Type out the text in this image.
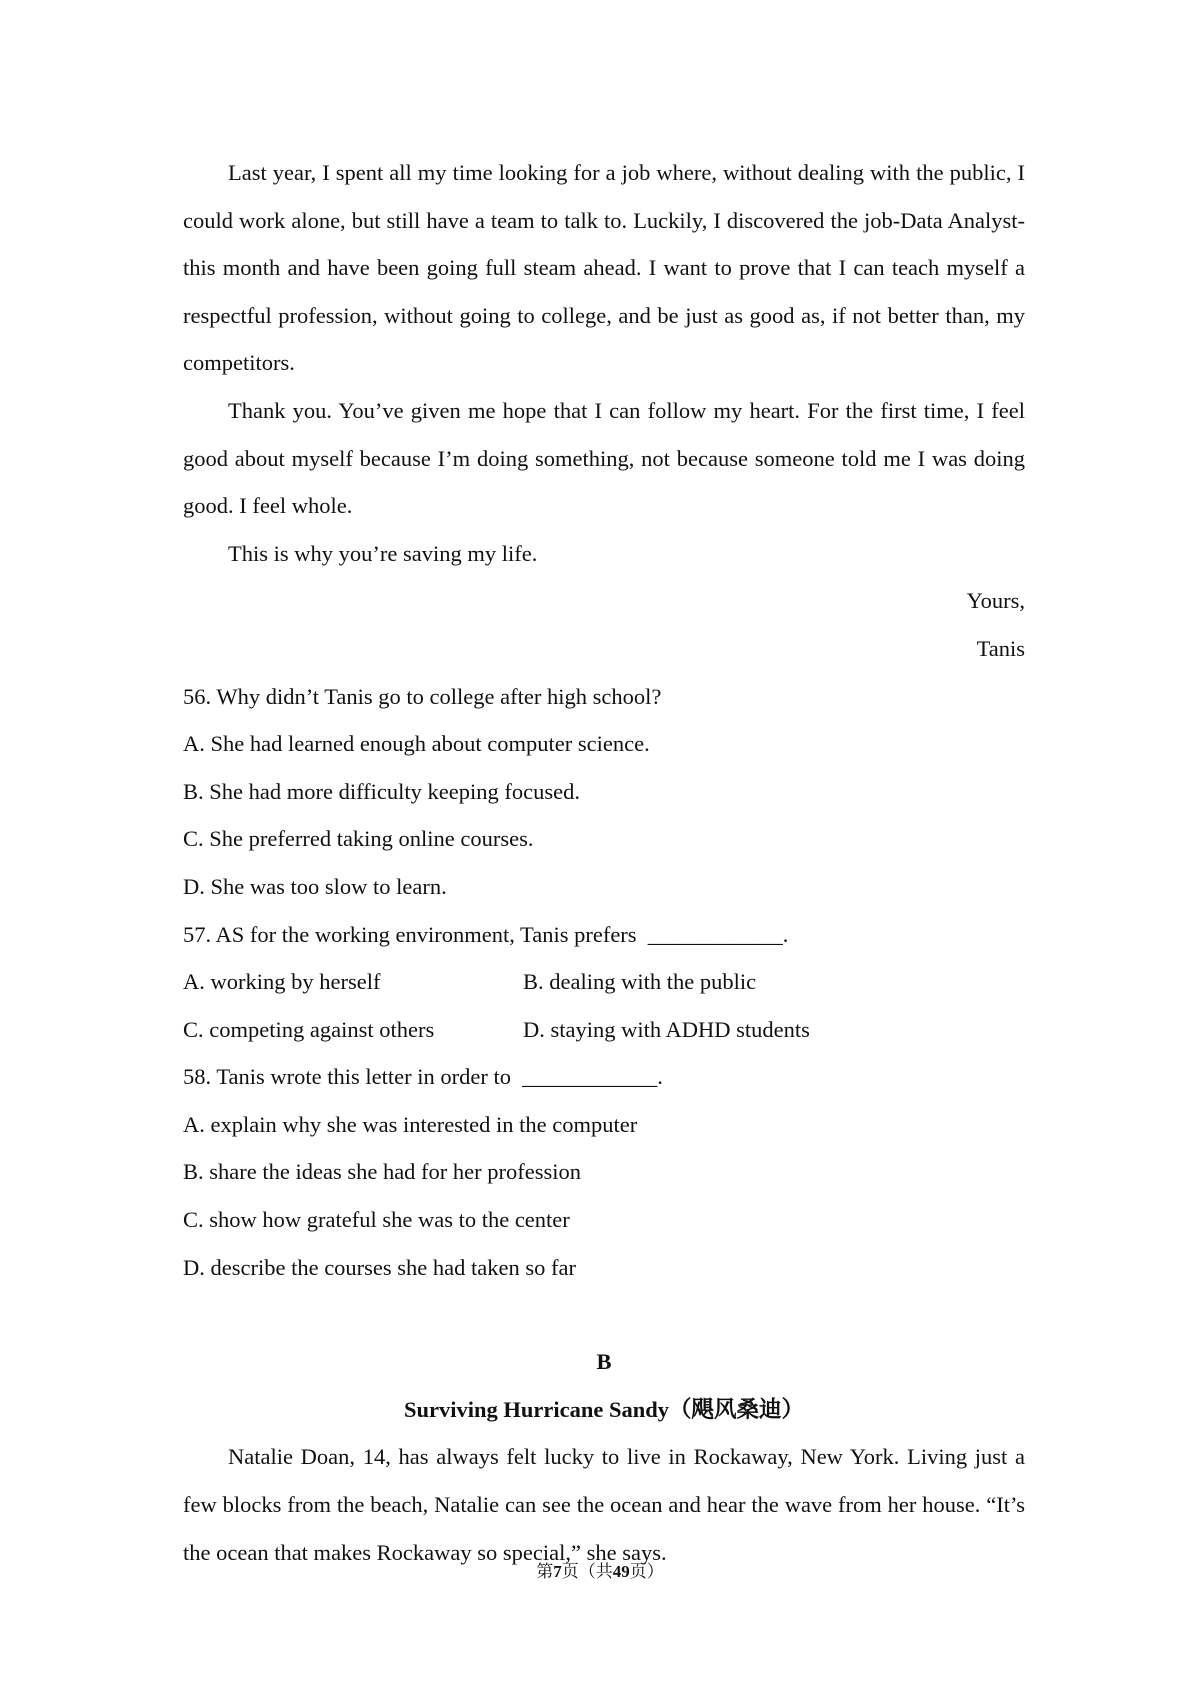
Last year, I spent all my time looking for a job where, without dealing with the public, I could work alone, but still have a team to talk to. Luckily, I discovered the job-Data Analyst-this month and have been going full steam ahead. I want to prove that I can teach myself a respectful profession, without going to college, and be just as good as, if not better than, my competitors.

Thank you. You’ve given me hope that I can follow my heart. For the first time, I feel good about myself because I’m doing something, not because someone told me I was doing good. I feel whole.

This is why you’re saving my life.

Yours,

Tanis

56. Why didn’t Tanis go to college after high school?

A. She had learned enough about computer science.

B. She had more difficulty keeping focused.

C. She preferred taking online courses.

D. She was too slow to learn.

57. AS for the working environment, Tanis prefers  ____________.

A. working by herself	B. dealing with the public
C. competing against others	D. staying with ADHD students

58. Tanis wrote this letter in order to  ____________.

A. explain why she was interested in the computer

B. share the ideas she had for her profession

C. show how grateful she was to the center

D. describe the courses she had taken so far

B

Surviving Hurricane Sandy（飓风桑迪）

Natalie Doan, 14, has always felt lucky to live in Rockaway, New York. Living just a few blocks from the beach, Natalie can see the ocean and hear the wave from her house. “It’s the ocean that makes Rockaway so special,” she says.

第7页（共49页）
